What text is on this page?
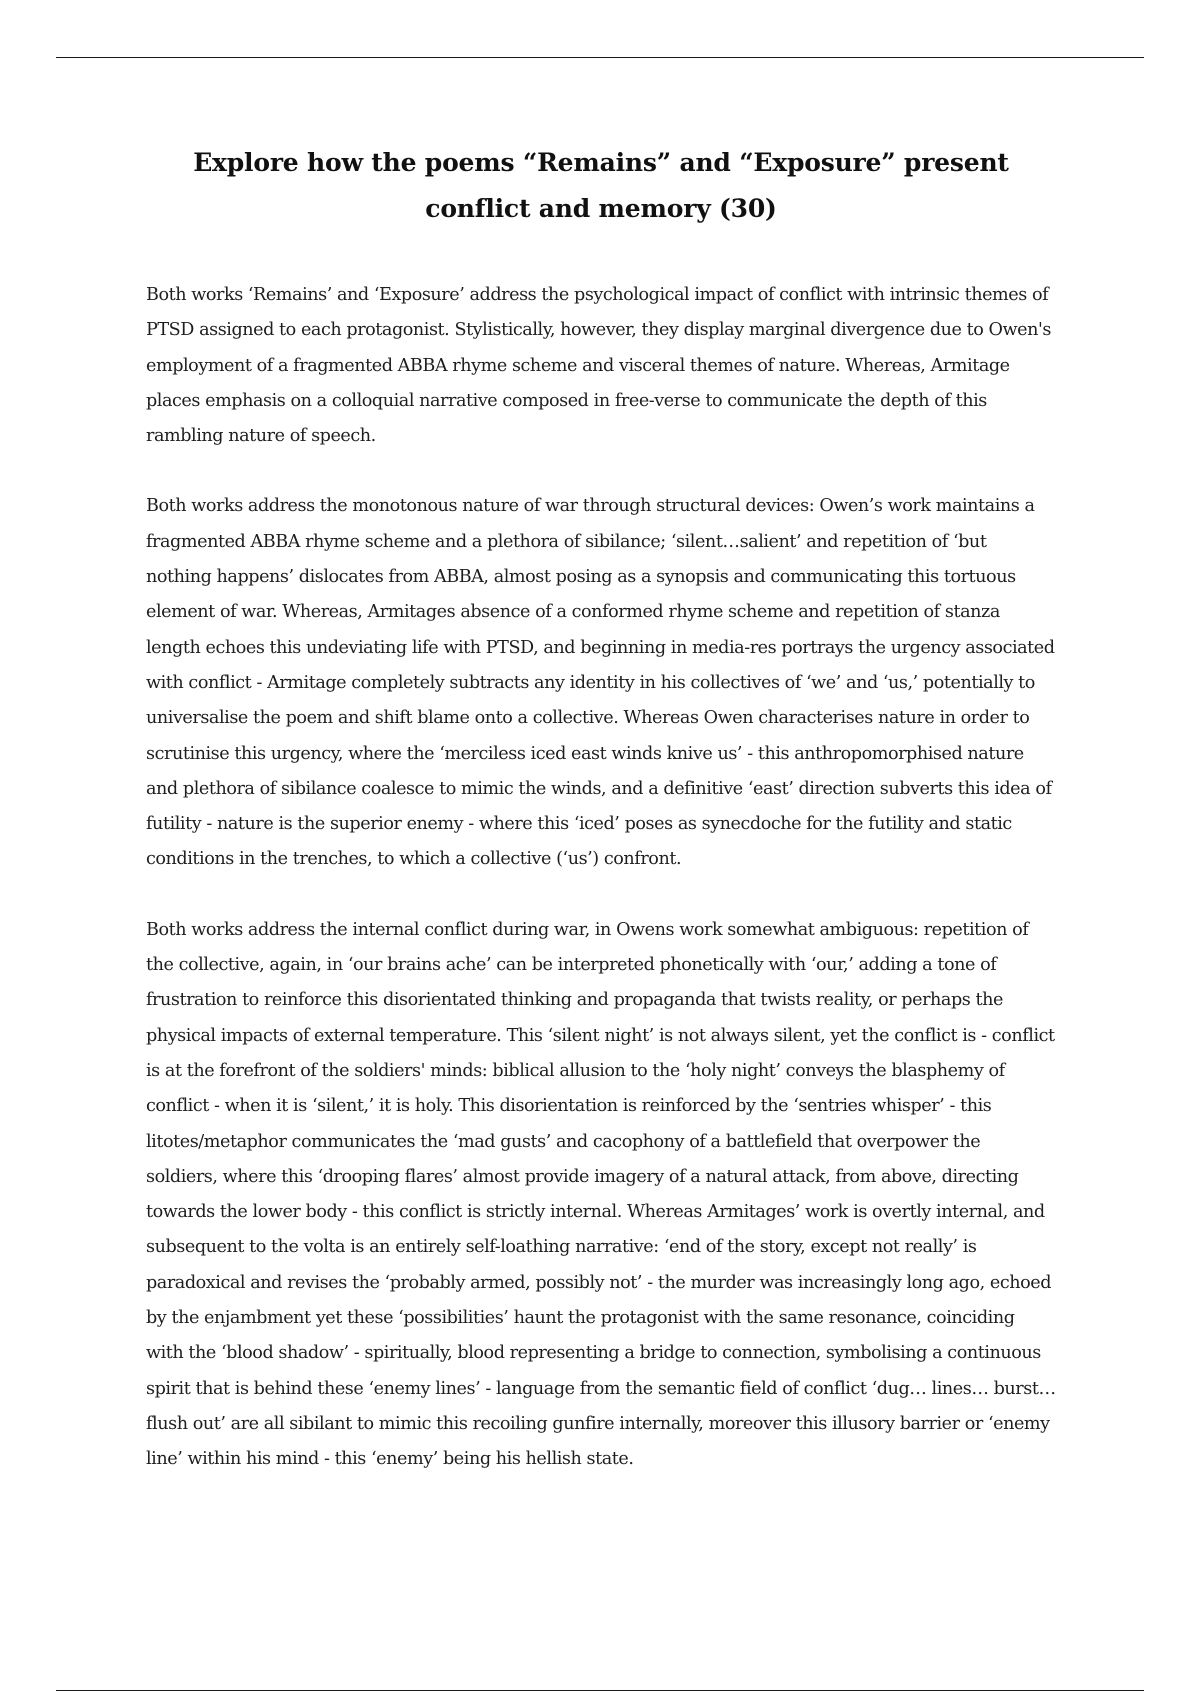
Explore how the poems “Remains” and “Exposure” present conflict and memory (30)

Both works ‘Remains’ and ‘Exposure’ address the psychological impact of conflict with intrinsic themes of PTSD assigned to each protagonist. Stylistically, however, they display marginal divergence due to Owen's employment of a fragmented ABBA rhyme scheme and visceral themes of nature. Whereas, Armitage places emphasis on a colloquial narrative composed in free-verse to communicate the depth of this rambling nature of speech.

Both works address the monotonous nature of war through structural devices: Owen’s work maintains a fragmented ABBA rhyme scheme and a plethora of sibilance; ‘silent…salient’ and repetition of ‘but nothing happens’ dislocates from ABBA, almost posing as a synopsis and communicating this tortuous element of war. Whereas, Armitages absence of a conformed rhyme scheme and repetition of stanza length echoes this undeviating life with PTSD, and beginning in media-res portrays the urgency associated with conflict - Armitage completely subtracts any identity in his collectives of ‘we’ and ‘us,’ potentially to universalise the poem and shift blame onto a collective. Whereas Owen characterises nature in order to scrutinise this urgency, where the ‘merciless iced east winds knive us’ - this anthropomorphised nature and plethora of sibilance coalesce to mimic the winds, and a definitive ‘east’ direction subverts this idea of futility - nature is the superior enemy - where this ‘iced’ poses as synecdoche for the futility and static conditions in the trenches, to which a collective (‘us’) confront.

Both works address the internal conflict during war, in Owens work somewhat ambiguous: repetition of the collective, again, in ‘our brains ache’ can be interpreted phonetically with ‘our,’ adding a tone of frustration to reinforce this disorientated thinking and propaganda that twists reality, or perhaps the physical impacts of external temperature. This ‘silent night’ is not always silent, yet the conflict is - conflict is at the forefront of the soldiers' minds: biblical allusion to the ‘holy night’ conveys the blasphemy of conflict - when it is ‘silent,’ it is holy. This disorientation is reinforced by the ‘sentries whisper’ - this litotes/metaphor communicates the ‘mad gusts’ and cacophony of a battlefield that overpower the soldiers, where this ‘drooping flares’ almost provide imagery of a natural attack, from above, directing towards the lower body - this conflict is strictly internal. Whereas Armitages’ work is overtly internal, and subsequent to the volta is an entirely self-loathing narrative: ‘end of the story, except not really’ is paradoxical and revises the ‘probably armed, possibly not’ - the murder was increasingly long ago, echoed by the enjambment yet these ‘possibilities’ haunt the protagonist with the same resonance, coinciding with the ‘blood shadow’ - spiritually, blood representing a bridge to connection, symbolising a continuous spirit that is behind these ‘enemy lines’ - language from the semantic field of conflict ‘dug… lines… burst… flush out’ are all sibilant to mimic this recoiling gunfire internally, moreover this illusory barrier or ‘enemy line’ within his mind - this ‘enemy’ being his hellish state.
